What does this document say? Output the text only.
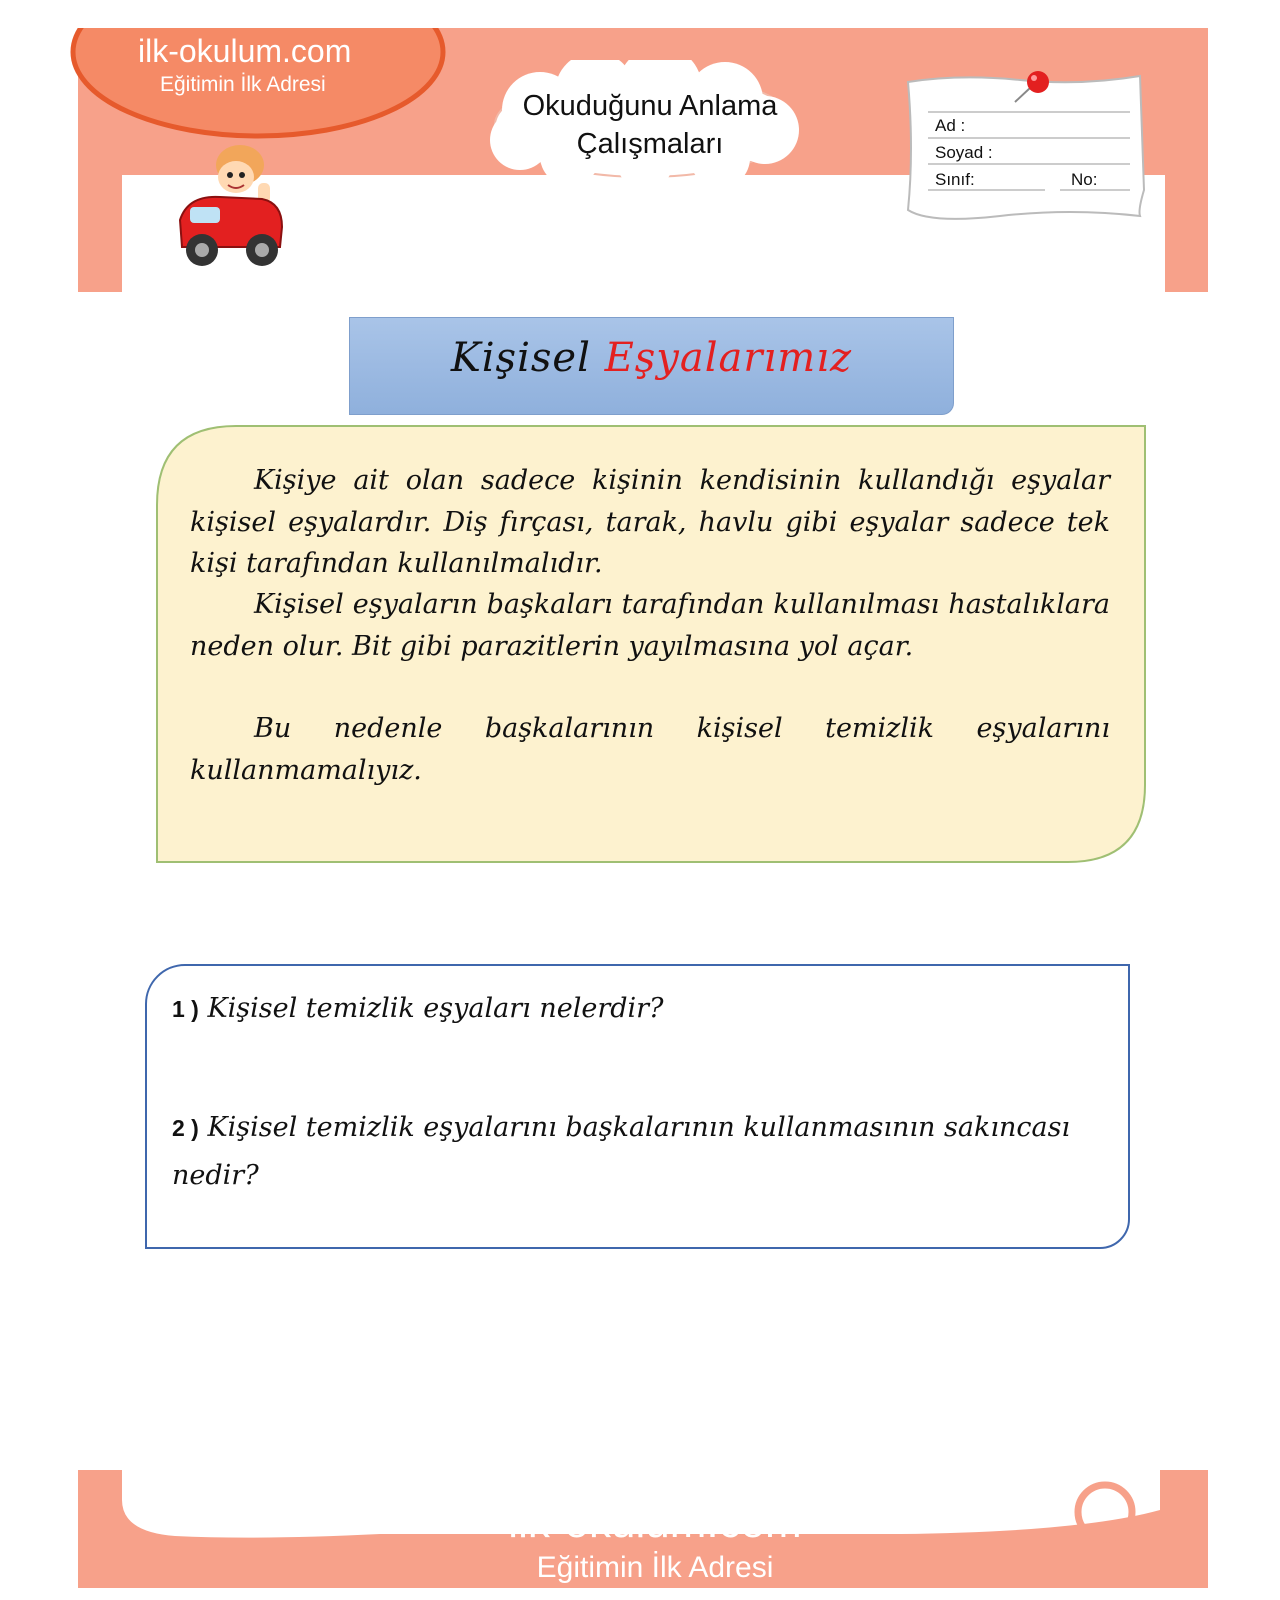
ilk-okulum.com
Eğitimin İlk Adresi
Okuduğunu Anlama
Çalışmaları
Ad :
Soyad :
Sınıf:	No:
Kişisel Eşyalarımız

Kişiye ait olan sadece kişinin kendisinin kullandığı eşyalar kişisel eşyalardır. Diş fırçası, tarak, havlu gibi eşyalar sadece tek kişi tarafından kullanılmalıdır.

Kişisel eşyaların başkaları tarafından kullanılması hastalıklara neden olur. Bit gibi parazitlerin yayılmasına yol açar.

Bu nedenle başkalarının kişisel temizlik eşyalarını kullanmamalıyız.

1 ) Kişisel temizlik eşyaları nelerdir?
2 ) Kişisel temizlik eşyalarını başkalarının kullanmasının sakıncası nedir?
ilk-okulum.com
Eğitimin İlk Adresi
